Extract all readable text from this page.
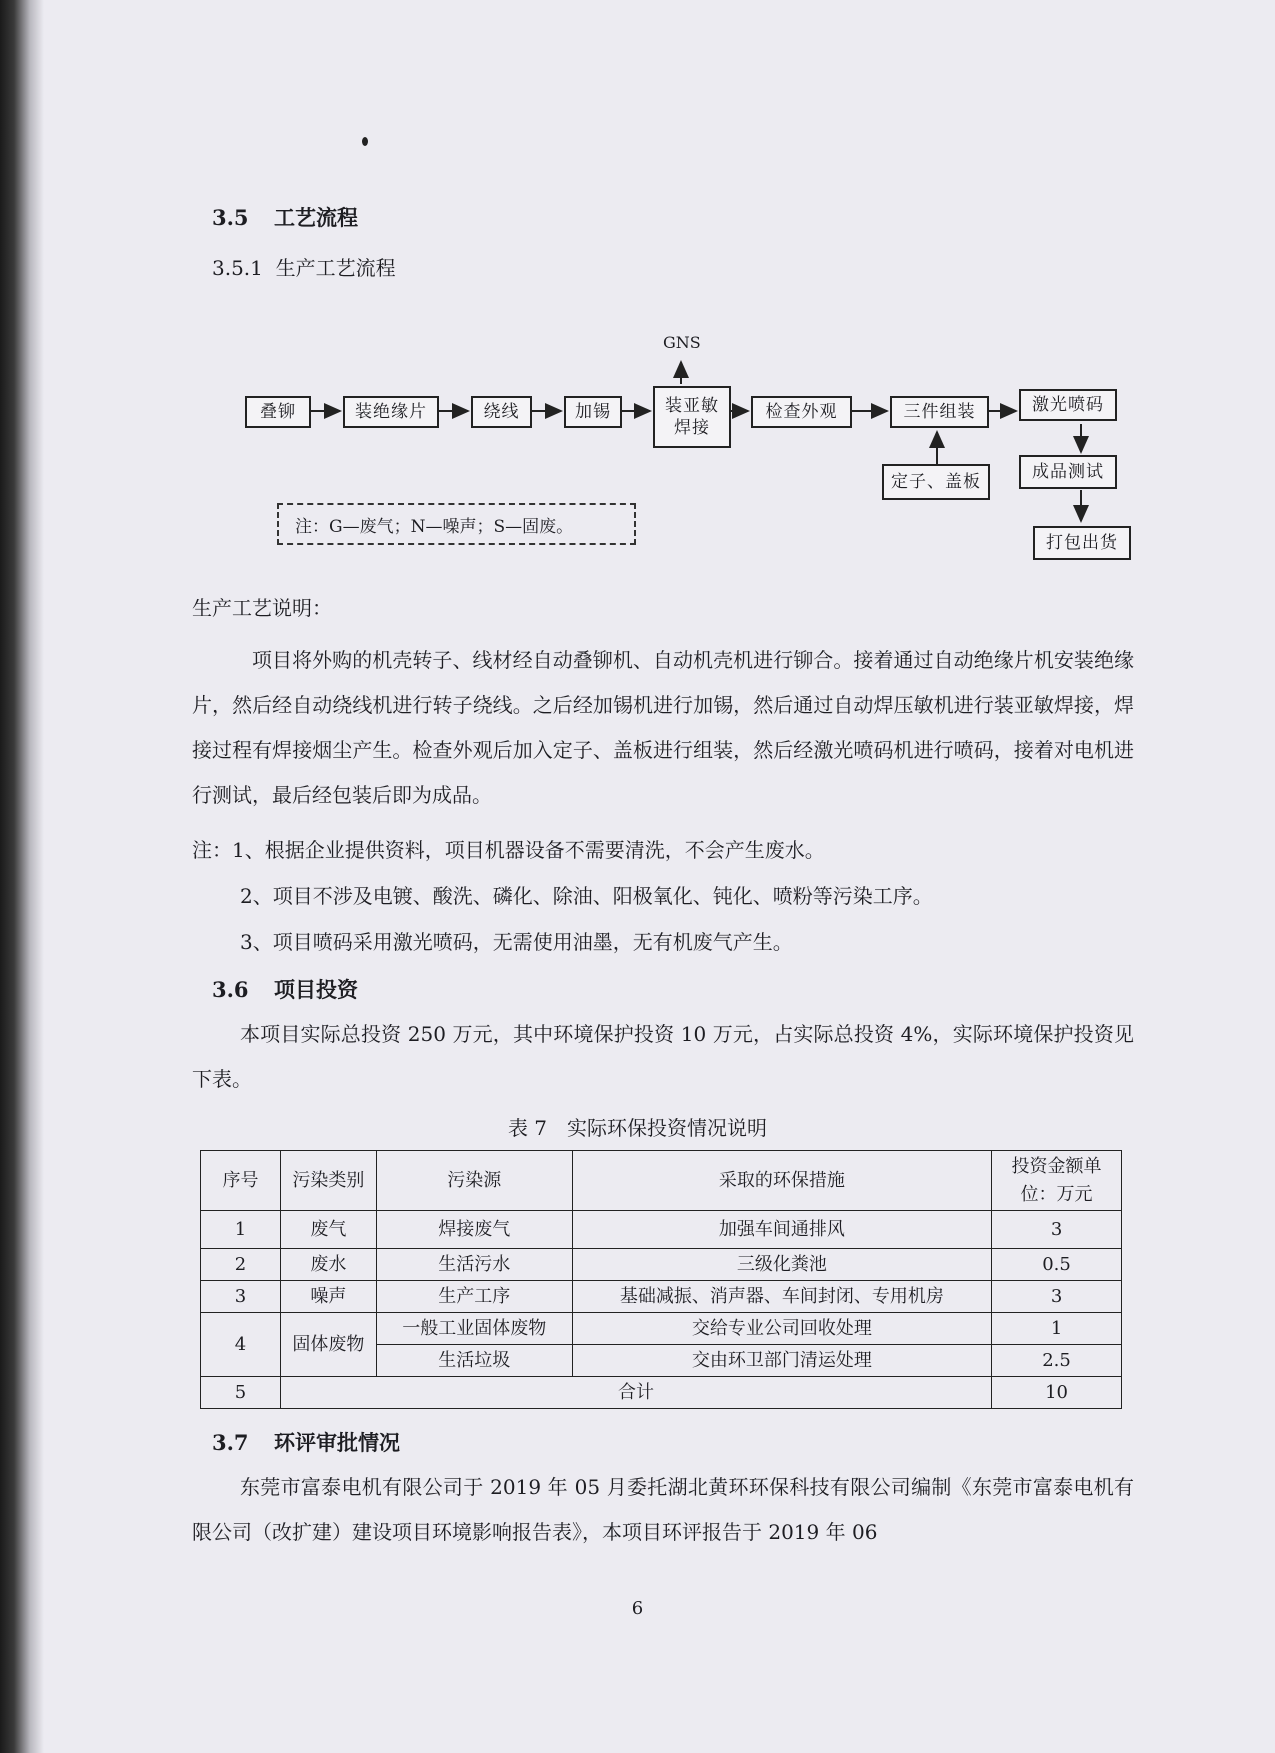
3.5 工艺流程
3.5.1 生产工艺流程
叠铆	装绝缘片	绕线	加锡	装亚敏焊接
检查外观	三件组装	激光喷码
成品测试
打包出货
定子、盖板
GNS
注：G—废气；N—噪声；S—固废。
生产工艺说明：
项目将外购的机壳转子、线材经自动叠铆机、自动机壳机进行铆合。接着通过自动绝缘片机安装绝缘片，然后经自动绕线机进行转子绕线。之后经加锡机进行加锡，然后通过自动焊压敏机进行装亚敏焊接，焊接过程有焊接烟尘产生。检查外观后加入定子、盖板进行组装，然后经激光喷码机进行喷码，接着对电机进行测试，最后经包装后即为成品。
注：1、根据企业提供资料，项目机器设备不需要清洗，不会产生废水。
2、项目不涉及电镀、酸洗、磷化、除油、阳极氧化、钝化、喷粉等污染工序。
3、项目喷码采用激光喷码，无需使用油墨，无有机废气产生。
3.6 项目投资
本项目实际总投资 250 万元，其中环境保护投资 10 万元，占实际总投资 4%，实际环境保护投资见下表。
表 7　实际环保投资情况说明
序号	污染类别	污染源	采取的环保措施	投资金额单位：万元
1	废气	焊接废气	加强车间通排风	3
2	废水	生活污水	三级化粪池	0.5
3	噪声	生产工序	基础减振、消声器、车间封闭、专用机房	3
4	固体废物	一般工业固体废物	交给专业公司回收处理	1
		生活垃圾	交由环卫部门清运处理	2.5
5	合计			10
3.7 环评审批情况
东莞市富泰电机有限公司于 2019 年 05 月委托湖北黄环环保科技有限公司编制《东莞市富泰电机有限公司（改扩建）建设项目环境影响报告表》，本项目环评报告于 2019 年 06
6
